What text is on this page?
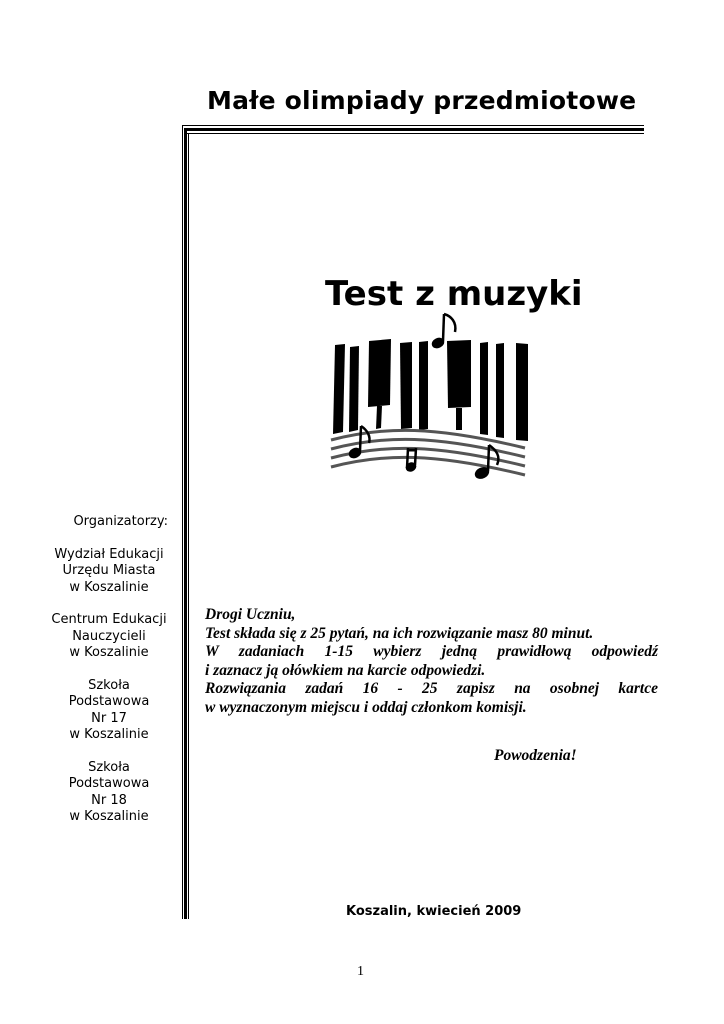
Małe olimpiady przedmiotowe
Test z muzyki
Organizatorzy:
Wydział Edukacji
Urzędu Miasta
w Koszalinie
Centrum Edukacji
Nauczycieli
w Koszalinie
Szkoła
Podstawowa
Nr 17
w Koszalinie
Szkoła
Podstawowa
Nr 18
w Koszalinie

Drogi Uczniu,

Test składa się z 25 pytań, na ich rozwiązanie masz 80 minut.

W zadaniach 1-15 wybierz jedną prawidłową odpowiedź

i zaznacz ją ołówkiem na karcie odpowiedzi.

Rozwiązania zadań 16 - 25 zapisz na osobnej kartce

w wyznaczonym miejscu i oddaj członkom komisji.

Powodzenia!
Koszalin, kwiecień 2009
1
